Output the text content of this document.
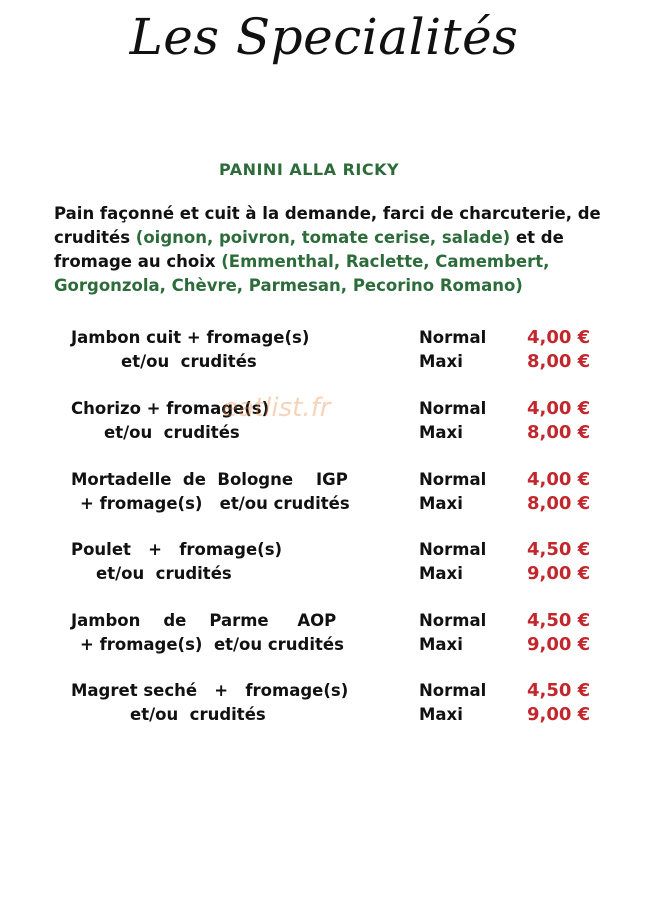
Les Specialités
PANINI ALLA RICKY
Pain façonné et cuit à la demande, farci de charcuterie, de crudités (oignon, poivron, tomate cerise, salade) et de fromage au choix (Emmenthal, Raclette, Camembert, Gorgonzola, Chèvre, Parmesan, Pecorino Romano)
Jambon cuit + fromage(s)
et/ou  crudités
Normal
Maxi
4,00 €
8,00 €
Chorizo + fromage(s)
et/ou  crudités
Normal
Maxi
4,00 €
8,00 €
eatlist.fr
Mortadelle  de  Bologne    IGP
+ fromage(s)   et/ou crudités
Normal
Maxi
4,00 €
8,00 €
Poulet   +   fromage(s)
et/ou  crudités
Normal
Maxi
4,50 €
9,00 €
Jambon    de    Parme     AOP
+ fromage(s)  et/ou crudités
Normal
Maxi
4,50 €
9,00 €
Magret seché   +   fromage(s)
et/ou  crudités
Normal
Maxi
4,50 €
9,00 €
